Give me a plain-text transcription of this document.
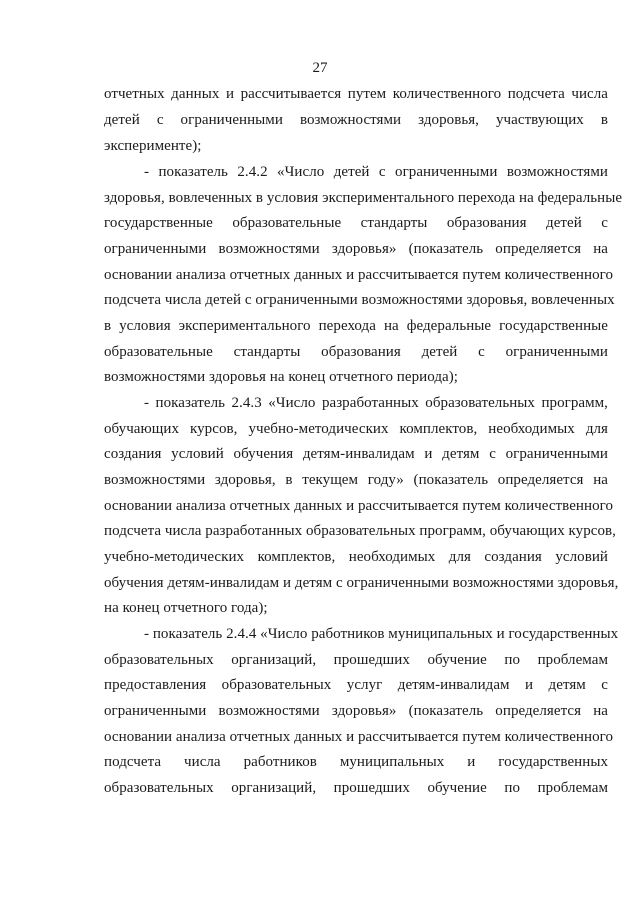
27
отчетных данных и рассчитывается путем количественного подсчета числа
детей с ограниченными возможностями здоровья, участвующих в
эксперименте);
- показатель 2.4.2 «Число детей с ограниченными возможностями
здоровья, вовлеченных в условия экспериментального перехода на федеральные
государственные образовательные стандарты образования детей с
ограниченными возможностями здоровья» (показатель определяется на
основании анализа отчетных данных и рассчитывается путем количественного
подсчета числа детей с ограниченными возможностями здоровья, вовлеченных
в условия экспериментального перехода на федеральные государственные
образовательные стандарты образования детей с ограниченными
возможностями здоровья на конец отчетного периода);
- показатель 2.4.3 «Число разработанных образовательных программ,
обучающих курсов, учебно-методических комплектов, необходимых для
создания условий обучения детям-инвалидам и детям с ограниченными
возможностями здоровья, в текущем году» (показатель определяется на
основании анализа отчетных данных и рассчитывается путем количественного
подсчета числа разработанных образовательных программ, обучающих курсов,
учебно-методических комплектов, необходимых для создания условий
обучения детям-инвалидам и детям с ограниченными возможностями здоровья,
на конец отчетного года);
- показатель 2.4.4 «Число работников муниципальных и государственных
образовательных организаций, прошедших обучение по проблемам
предоставления образовательных услуг детям-инвалидам и детям с
ограниченными возможностями здоровья» (показатель определяется на
основании анализа отчетных данных и рассчитывается путем количественного
подсчета числа работников муниципальных и государственных
образовательных организаций, прошедших обучение по проблемам
